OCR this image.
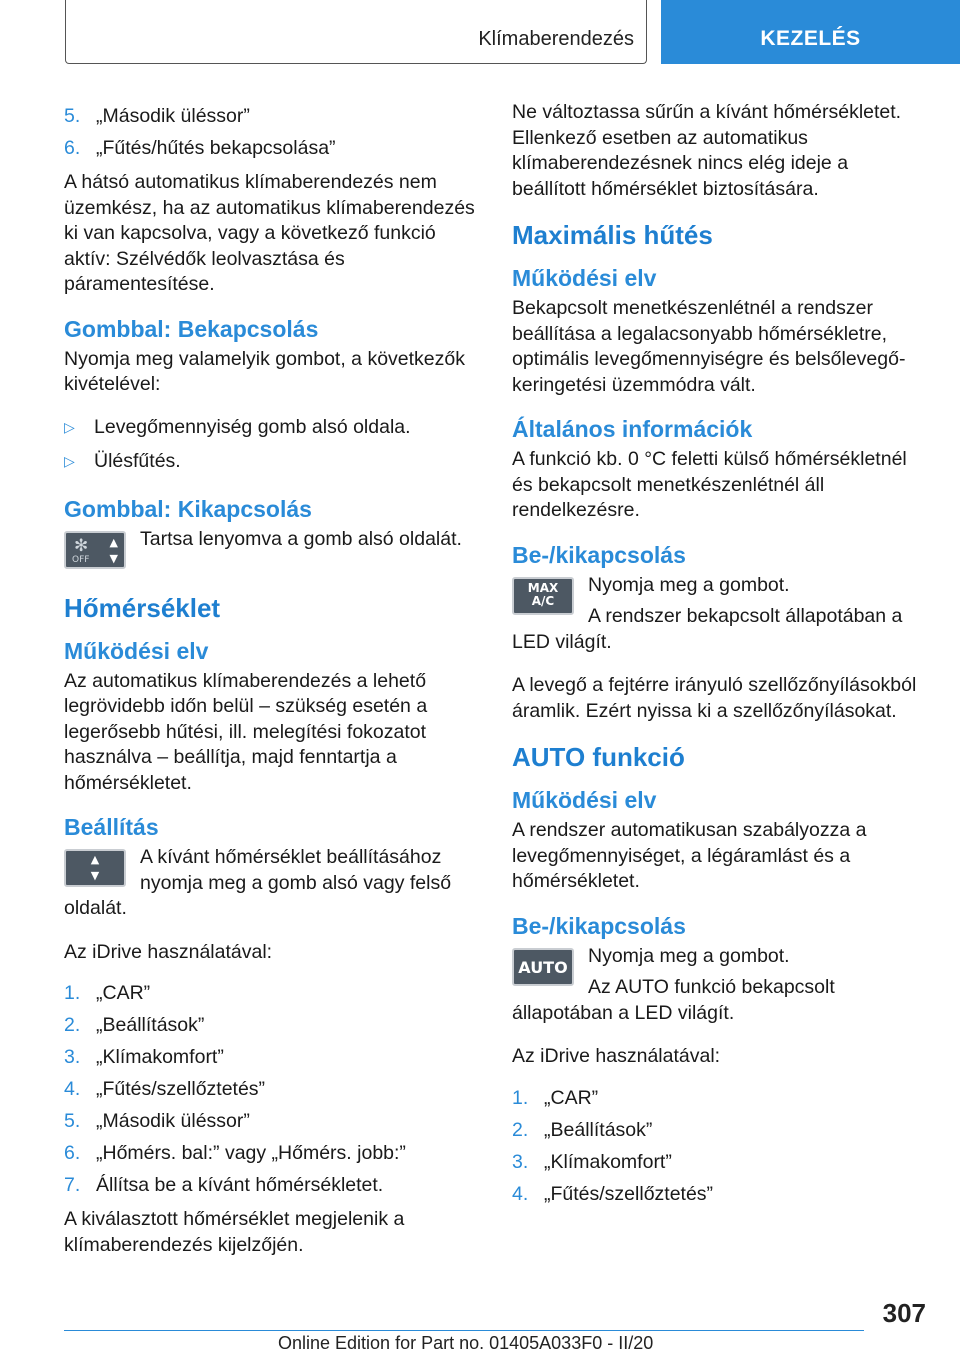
Klímaberendezés	KEZELÉS
5. „Második üléssor”
6. „Fűtés/hűtés bekapcsolása”

A hátsó automatikus klímaberendezés nem üzemkész, ha az automatikus klímaberendezés ki van kapcsolva, vagy a következő funkció aktív: Szélvédők leolvasztása és páramentesítése.

Gombbal: Bekapcsolás

Nyomja meg valamelyik gombot, a következők kivételével:

▷ Levegőmennyiség gomb alsó oldala.
▷ Ülésfűtés.
Gombbal: Kikapcsolás
✻
OFF
▲
▼

Tartsa lenyomva a gomb alsó oldalát.

Hőmérséklet
Működési elv

Az automatikus klímaberendezés a lehető legrövidebb időn belül – szükség esetén a legerősebb hűtési, ill. melegítési fokozatot használva – beállítja, majd fenntartja a hőmérsékletet.

Beállítás
▲
▼

A kívánt hőmérséklet beállításához nyomja meg a gomb alsó vagy felső oldalát.

Az iDrive használatával:

1. „CAR”
2. „Beállítások”
3. „Klímakomfort”
4. „Fűtés/szellőztetés”
5. „Második üléssor”
6. „Hőmérs. bal:” vagy „Hőmérs. jobb:”
7. Állítsa be a kívánt hőmérsékletet.

A kiválasztott hőmérséklet megjelenik a klímaberendezés kijelzőjén.

Ne változtassa sűrűn a kívánt hőmérsékletet. Ellenkező esetben az automatikus klímaberendezésnek nincs elég ideje a beállított hőmérséklet biztosítására.

Maximális hűtés
Működési elv

Bekapcsolt menetkészenlétnél a rendszer beállítása a legalacsonyabb hőmérsékletre, optimális levegőmennyiségre és belsőlevegő-keringetési üzemmódra vált.

Általános információk

A funkció kb. 0 °C feletti külső hőmérsékletnél és bekapcsolt menetkészenlétnél áll rendelkezésre.

Be-/kikapcsolás
MAX
A/C

Nyomja meg a gombot.

A rendszer bekapcsolt állapotában a LED világít.

A levegő a fejtérre irányuló szellőzőnyílásokból áramlik. Ezért nyissa ki a szellőzőnyílásokat.

AUTO funkció
Működési elv

A rendszer automatikusan szabályozza a levegőmennyiséget, a légáramlást és a hőmérsékletet.

Be-/kikapcsolás
AUTO

Nyomja meg a gombot.

Az AUTO funkció bekapcsolt állapotában a LED világít.

Az iDrive használatával:

1. „CAR”
2. „Beállítások”
3. „Klímakomfort”
4. „Fűtés/szellőztetés”
307
Online Edition for Part no. 01405A033F0 - II/20
